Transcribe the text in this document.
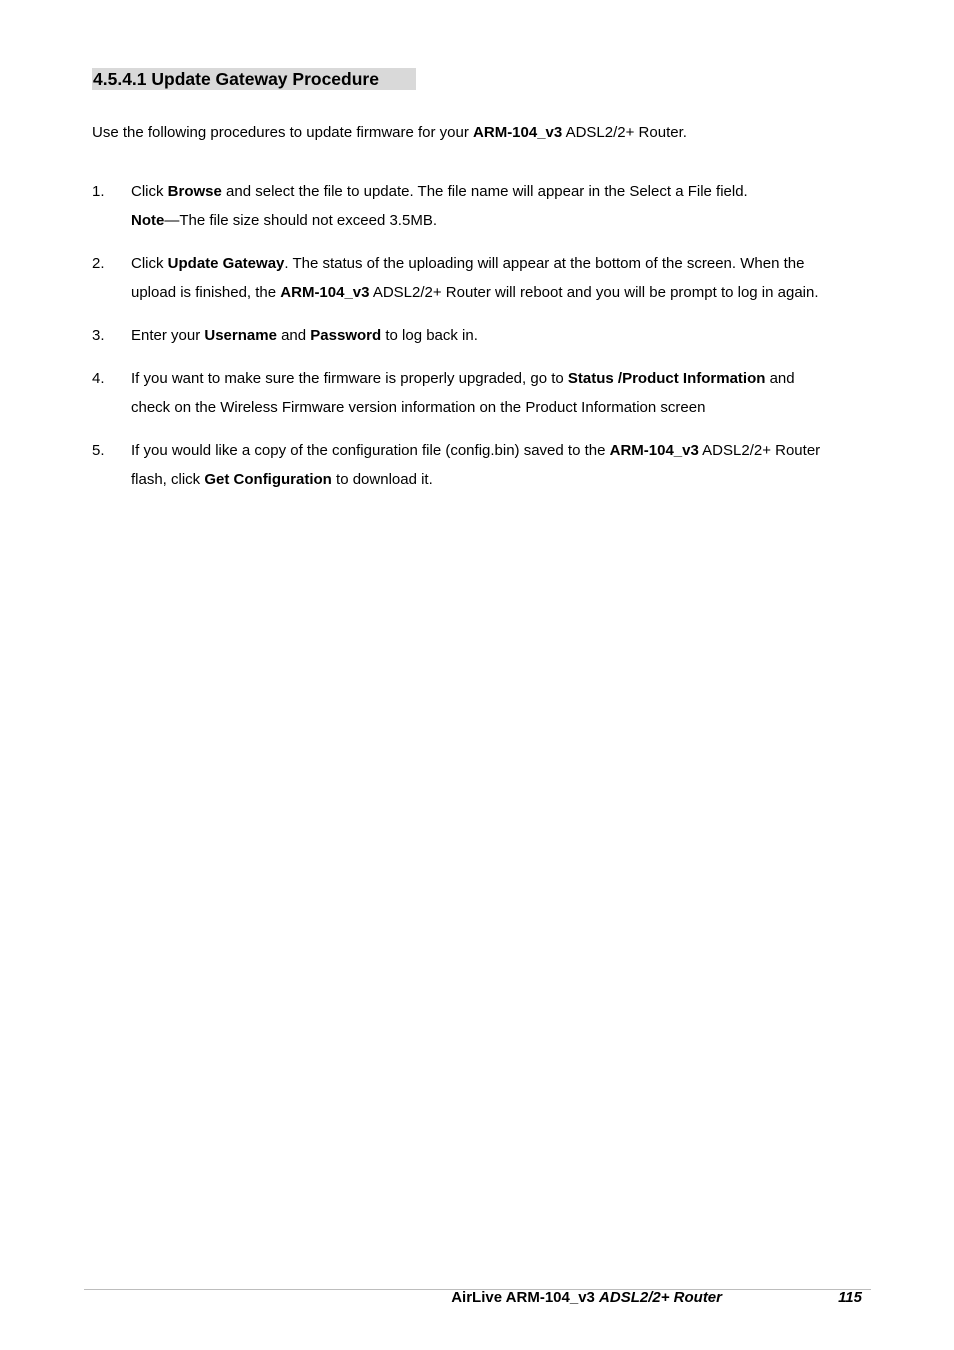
4.5.4.1 Update Gateway Procedure
Use the following procedures to update firmware for your ARM-104_v3 ADSL2/2+ Router.
1.	Click Browse and select the file to update. The file name will appear in the Select a File field.
Note—The file size should not exceed 3.5MB.
2.	Click Update Gateway. The status of the uploading will appear at the bottom of the screen. When the
upload is finished, the ARM-104_v3 ADSL2/2+ Router will reboot and you will be prompt to log in again.
3.	Enter your Username and Password to log back in.
4.	If you want to make sure the firmware is properly upgraded, go to Status /Product Information and
check on the Wireless Firmware version information on the Product Information screen
5.	If you would like a copy of the configuration file (config.bin) saved to the ARM-104_v3 ADSL2/2+ Router
flash, click Get Configuration to download it.
AirLive ARM-104_v3 ADSL2/2+ Router	115
